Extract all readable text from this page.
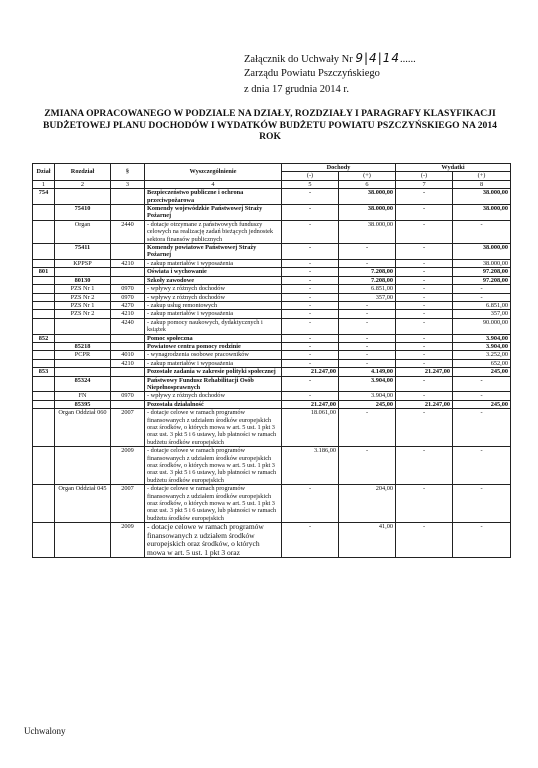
Załącznik do Uchwały Nr 9|4|14......
Zarządu Powiatu Pszczyńskiego
z dnia 17 grudnia 2014 r.
ZMIANA OPRACOWANEGO W PODZIALE NA DZIAŁY, ROZDZIAŁY I PARAGRAFY KLASYFIKACJI BUDŻETOWEJ PLANU DOCHODÓW I WYDATKÓW BUDŻETU POWIATU PSZCZYŃSKIEGO NA 2014 ROK
Dział	Rozdział	§	Wyszczególnienie	Dochody		Wydatki	
				(-)	(+)	(-)	(+)
1	2	3	4	5	6	7	8
754			Bezpieczeństwo publiczne i ochrona przeciwpożarowa	-	38.000,00	-	38.000,00
	75410		Komendy wojewódzkie Państwowej Straży Pożarnej	-	38.000,00	-	38.000,00
	Organ	2440	- dotacje otrzymane z państwowych funduszy celowych na realizację zadań bieżących jednostek sektora finansów publicznych	-	38.000,00	-	-
	75411		Komendy powiatowe Państwowej Straży Pożarnej	-	-	-	38.000,00
	KPPSP	4210	- zakup materiałów i wyposażenia	-	-	-	38.000,00
801			Oświata i wychowanie	-	7.208,00	-	97.208,00
	80130		Szkoły zawodowe	-	7.208,00	-	97.208,00
	PZS Nr 1	0970	- wpływy z różnych dochodów	-	6.851,00	-	-
	PZS Nr 2	0970	- wpływy z różnych dochodów	-	357,00	-	-
	PZS Nr 1	4270	- zakup usług remontowych	-	-	-	6.851,00
	PZS Nr 2	4210	- zakup materiałów i wyposażenia	-	-	-	357,00
		4240	- zakup pomocy naukowych, dydaktycznych i książek	-	-	-	90.000,00
852			Pomoc społeczna	-	-	-	3.904,00
	85218		Powiatowe centra pomocy rodzinie	-	-	-	3.904,00
	PCPR	4010	- wynagrodzenia osobowe pracowników	-	-	-	3.252,00
		4210	- zakup materiałów i wyposażenia	-	-	-	652,00
853			Pozostałe zadania w zakresie polityki społecznej	21.247,00	4.149,00	21.247,00	245,00
	85324		Państwowy Fundusz Rehabilitacji Osób Niepełnosprawnych	-	3.904,00	-	-
	FN	0970	- wpływy z różnych dochodów	-	3.904,00	-	-
	85395		Pozostała działalność	21.247,00	245,00	21.247,00	245,00
	Organ Oddział 060	2007	- dotacje celowe w ramach programów finansowanych z udziałem środków europejskich oraz środków, o których mowa w art. 5 ust. 1 pkt 3 oraz ust. 3 pkt 5 i 6 ustawy, lub płatności w ramach budżetu środków europejskich	18.061,00	-	-	-
		2009	- dotacje celowe w ramach programów finansowanych z udziałem środków europejskich oraz środków, o których mowa w art. 5 ust. 1 pkt 3 oraz ust. 3 pkt 5 i 6 ustawy, lub płatności w ramach budżetu środków europejskich	3.186,00	-	-	-
	Organ Oddział 045	2007	- dotacje celowe w ramach programów finansowanych z udziałem środków europejskich oraz środków, o których mowa w art. 5 ust. 1 pkt 3 oraz ust. 3 pkt 5 i 6 ustawy, lub płatności w ramach budżetu środków europejskich	-	204,00	-	-
		2009	- dotacje celowe w ramach programów finansowanych z udziałem środków europejskich oraz środków, o których mowa w art. 5 ust. 1 pkt 3 oraz	-	41,00	-	-
Uchwalony
